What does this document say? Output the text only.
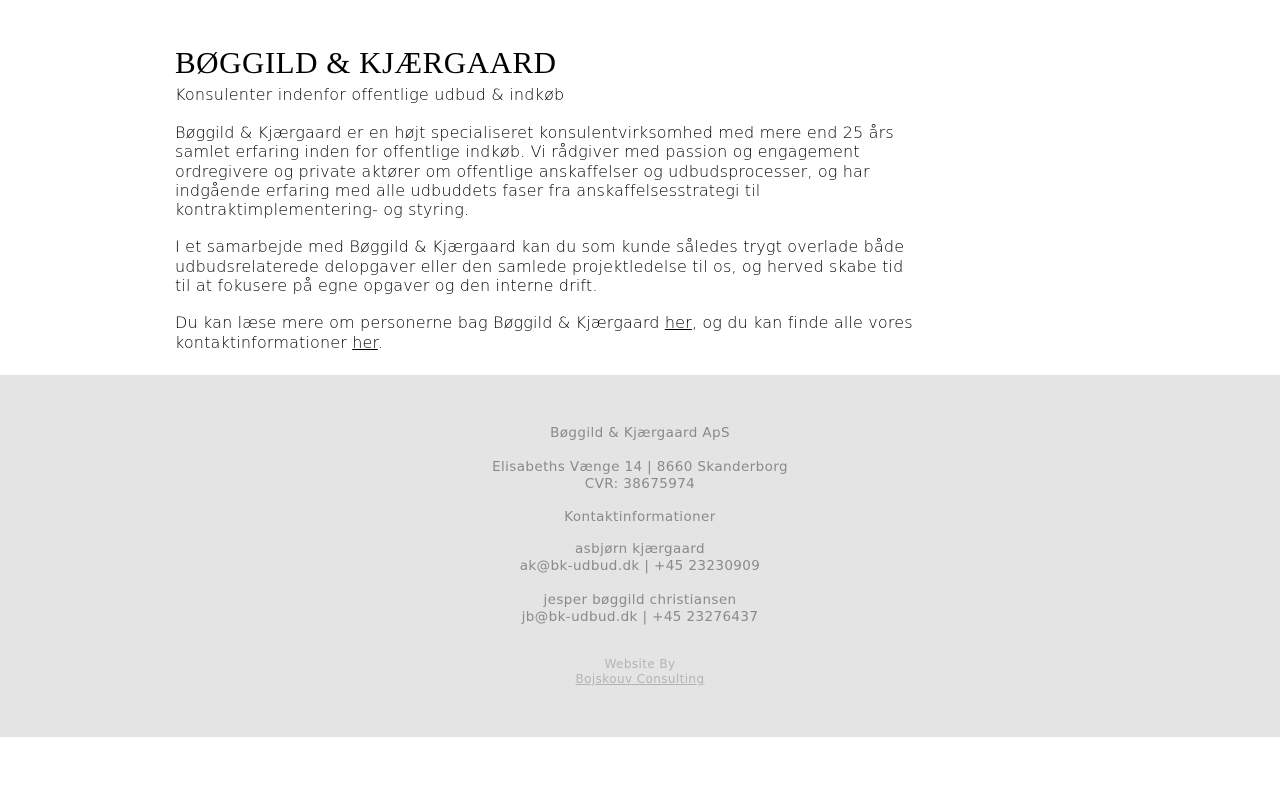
BØGGILD & KJÆRGAARD
Konsulenter indenfor offentlige udbud & indkøb

Bøggild & Kjærgaard er en højt specialiseret konsulentvirksomhed med mere end 25 års samlet erfaring inden for offentlige indkøb. Vi rådgiver med passion og engagement ordregivere og private aktører om offentlige anskaffelser og udbudsprocesser, og har indgående erfaring med alle udbuddets faser fra anskaffelsesstrategi til kontraktimplementering- og styring.

I et samarbejde med Bøggild & Kjærgaard kan du som kunde således trygt overlade både udbudsrelaterede delopgaver eller den samlede projektledelse til os, og herved skabe tid til at fokusere på egne opgaver og den interne drift.

Du kan læse mere om personerne bag Bøggild & Kjærgaard her, og du kan finde alle vores kontaktinformationer her.

Bøggild & Kjærgaard ApS
Elisabeths Vænge 14 | 8660 Skanderborg
CVR: 38675974
Kontaktinformationer
asbjørn kjærgaard
ak@bk-udbud.dk | +45 23230909
jesper bøggild christiansen
jb@bk-udbud.dk | +45 23276437
Website By
Bojskouv Consulting
